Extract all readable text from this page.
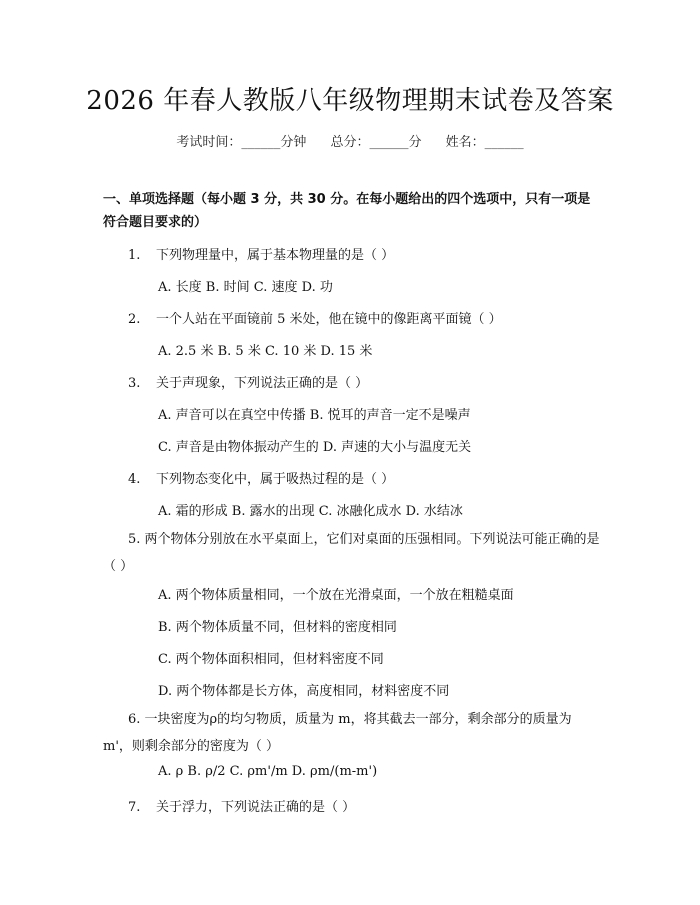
2026 年春人教版八年级物理期末试卷及答案
考试时间：______分钟 总分：______分 姓名：______
一、单项选择题（每小题 3 分，共 30 分。在每小题给出的四个选项中，只有一项是符合题目要求的）
1. 下列物理量中，属于基本物理量的是（ ）
A. 长度 B. 时间 C. 速度 D. 功
2. 一个人站在平面镜前 5 米处，他在镜中的像距离平面镜（ ）
A. 2.5 米 B. 5 米 C. 10 米 D. 15 米
3. 关于声现象，下列说法正确的是（ ）
A. 声音可以在真空中传播 B. 悦耳的声音一定不是噪声
C. 声音是由物体振动产生的 D. 声速的大小与温度无关
4. 下列物态变化中，属于吸热过程的是（ ）
A. 霜的形成 B. 露水的出现 C. 冰融化成水 D. 水结冰
5. 两个物体分别放在水平桌面上，它们对桌面的压强相同。下列说法可能正确的是（ ）
A. 两个物体质量相同，一个放在光滑桌面，一个放在粗糙桌面
B. 两个物体质量不同，但材料的密度相同
C. 两个物体面积相同，但材料密度不同
D. 两个物体都是长方体，高度相同，材料密度不同
6. 一块密度为ρ的均匀物质，质量为 m，将其截去一部分，剩余部分的质量为 m'，则剩余部分的密度为（ ）
A. ρ B. ρ/2 C. ρm'/m D. ρm/(m-m')
7. 关于浮力，下列说法正确的是（ ）
